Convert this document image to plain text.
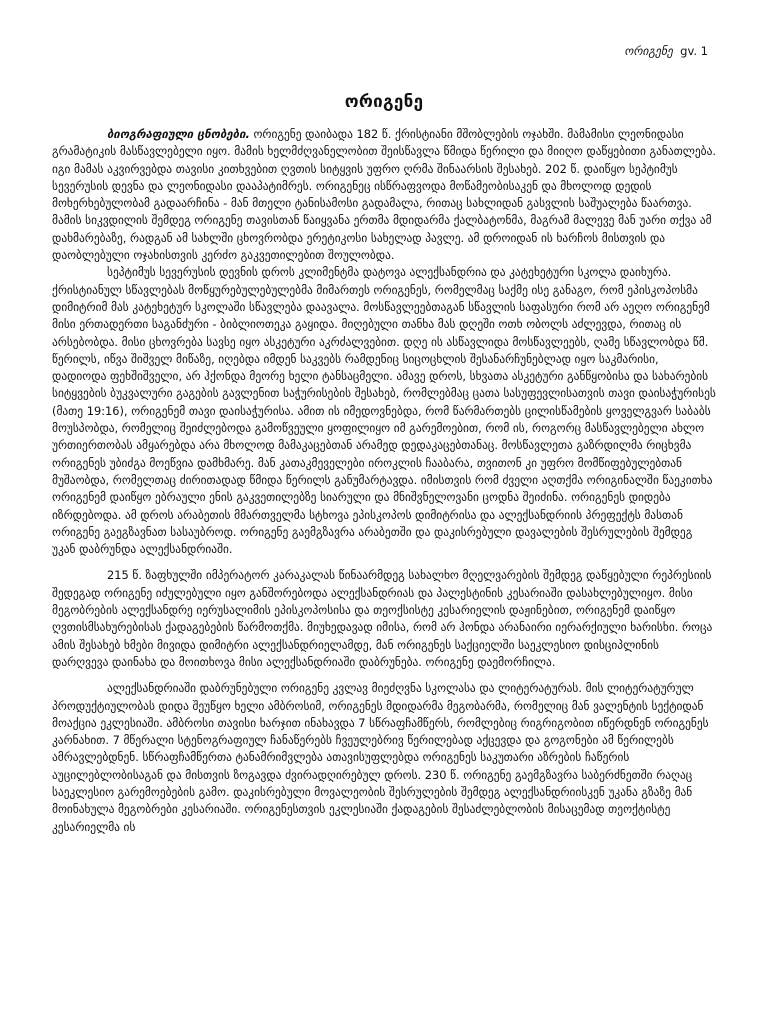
ორიგენე gv. 1
ორიგენე

ბიოგრაფიული ცნობები. ორიგენე დაიბადა 182 წ. ქრისტიანი მშობლების ოჯახში. მამამისი ლეონიდასი გრამატიკის მასწავლებელი იყო. მამის ხელმძღვანელობით შეისწავლა წმიდა წერილი და მიიღო დაწყებითი განათლება. იგი მამას აკვირვებდა თავისი კითხვებით ღვთის სიტყვის უფრო ღრმა შინაარსის შესახებ. 202 წ. დაიწყო სეპტიმუს სევერუსის დევნა და ლეონიდასი დააპატიმრეს. ორიგენეც ისწრაფვოდა მოწამეობისაკენ და მხოლოდ დედის მოხერხებულობამ გადაარჩინა - მან მთელი ტანისამოსი გადამალა, რითაც სახლიდან გასვლის საშუალება წაართვა. მამის სიკვდილის შემდეგ ორიგენე თავისთან წაიყვანა ერთმა მდიდარმა ქალბატონმა, მაგრამ მალევე მან უარი თქვა ამ დახმარებაზე, რადგან ამ სახლში ცხოვრობდა ერეტიკოსი სახელად პავლე. ამ დროიდან ის ხარჩოს მისთვის და დაობლებული ოჯახისთვის კერძო გაკვეთილებით შოულობდა.

სეპტიმუს სევერუსის დევნის დროს კლიმენტმა დატოვა ალექსანდრია და კატეხეტური სკოლა დაიხურა. ქრისტიანულ სწავლებას მოწყურებულებულებმა მიმართეს ორიგენეს, რომელმაც საქმე ისე განაგო, რომ ეპისკოპოსმა დიმიტრიმ მას კატეხეტურ სკოლაში სწავლება დაავალა. მოსწავლეებთაგან სწავლის საფასური რომ არ აეღო ორიგენემ მისი ერთადერთი საგანძური - ბიბლიოთეკა გაყიდა. მიღებული თანხა მას დღეში ოთხ ობოლს აძლევდა, რითაც ის არსებობდა. მისი ცხოვრება სავსე იყო ასკეტური აკრძალვებით. დღე ის ასწავლიდა მოსწავლეებს, ღამე სწავლობდა წმ. წერილს, იწვა შიშველ მიწაზე, იღებდა იმდენ საკვებს რამდენიც სიცოცხლის შესანარჩუნებლად იყო საკმარისი, დადიოდა ფეხშიშველი, არ ჰქონდა მეორე ხელი ტანსაცმელი. ამავე დროს, სხვათა ასკეტური განწყობისა და სახარების სიტყვების ბუკვალური გაგების გავლენით საჭურისების შესახებ, რომლებმაც ცათა სასუფევლისათვის თავი დაისაჭურისეს (მათე 19:16), ორიგენემ თავი დაისაჭურისა. ამით ის იმედოვნებდა, რომ წარმართებს ცილისწამების ყოველგვარ საბაბს მოუსპობდა, რომელიც შეიძლებოდა გამოწვეული ყოფილიყო იმ გარემოებით, რომ ის, როგორც მასწავლებელი ახლო ურთიერთობას ამყარებდა არა მხოლოდ მამაკაცებთან არამედ დედაკაცებთანაც. მოსწავლეთა გაზრდილმა რიცხვმა ორიგენეს უბიძგა მოეწვია დამხმარე. მან კათაკმეველები იროკლის ჩააბარა, თვითონ კი უფრო მომწიფებულებთან მუშაობდა, რომელთაც ძირითადად წმიდა წერილს განუმარტავდა. იმისთვის რომ ძველი აღთქმა ორიგინალში წაეკითხა ორიგენემ დაიწყო ებრაული ენის გაკვეთილებზე სიარული და მნიშვნელოვანი ცოდნა შეიძინა. ორიგენეს დიდება იზრდებოდა. ამ დროს არაბეთის მმართველმა სტხოვა ეპისკოპოს დიმიტრისა და ალექსანდრიის პრეფექტს მასთან ორიგენე გაეგზავნათ სასაუბროდ. ორიგენე გაემგზავრა არაბეთში და დაკისრებული დავალების შესრულების შემდეგ უკან დაბრუნდა ალექსანდრიაში.

215 წ. ზაფხულში იმპერატორ კარაკალას წინაარმდეგ სახალხო მღელვარების შემდეგ დაწყებული რეპრესიის შედეგად ორიგენე იძულებული იყო განშორებოდა ალექსანდრიას და პალესტინის კესარიაში დასახლებულიყო. მისი მეგობრების ალექსანდრე იერუსალიმის ეპისკოპოსისა და თეოქსისტე კესარიელის დაჟინებით, ორიგენემ დაიწყო ღვთისმსახურებისას ქადაგებების წარმოთქმა. მიუხედავად იმისა, რომ არ ჰონდა არანაირი იერარქიული ხარისხი. როცა ამის შესახებ ხმები მივიდა დიმიტრი ალექსანდრიელამდე, მან ორიგენეს საქციელში საეკლესიო დისციპლინის დარღვევა დაინახა და მოითხოვა მისი ალექსანდრიაში დაბრუნება. ორიგენე დაემორჩილა.

ალექსანდრიაში დაბრუნებული ორიგენე კვლავ მიეძღვნა სკოლასა და ლიტერატურას. მის ლიტერატურულ პროდუქტიულობას დიდა შეუწყო ხელი ამბროსიმ, ორიგენეს მდიდარმა მეგობარმა, რომელიც მან ვალენტის სექტიდან მოაქცია ეკლესიაში. ამბროსი თავისი ხარჯით ინახავდა 7 სწრაფჩამწერს, რომლებიც რიგრიგობით იწერდნენ ორიგენეს კარნახით. 7 მწერალი სტენოგრაფიულ ჩანაწერებს ჩვეულებრივ წერილებად აქცევდა და გოგონები ამ წერილებს ამრავლებდნენ. სწრაფჩამწერთა ტანამრიმვლება ათავისუფლებდა ორიგენეს საკუთარი აზრების ჩაწერის აუცილებლობისაგან და მისთვის ზოგავდა ძვირადღირებულ დროს. 230 წ. ორიგენე გაემგზავრა საბერძნეთში რაღაც საეკლესიო გარემოებების გამო. დაკისრებული მოვალეობის შესრულების შემდეგ ალექსანდრიისკენ უკანა გზაზე მან მოინახულა მეგობრები კესარიაში. ორიგენესთვის ეკლესიაში ქადაგების შესაძლებლობის მისაცემად თეოქტისტე კესარიელმა ის
